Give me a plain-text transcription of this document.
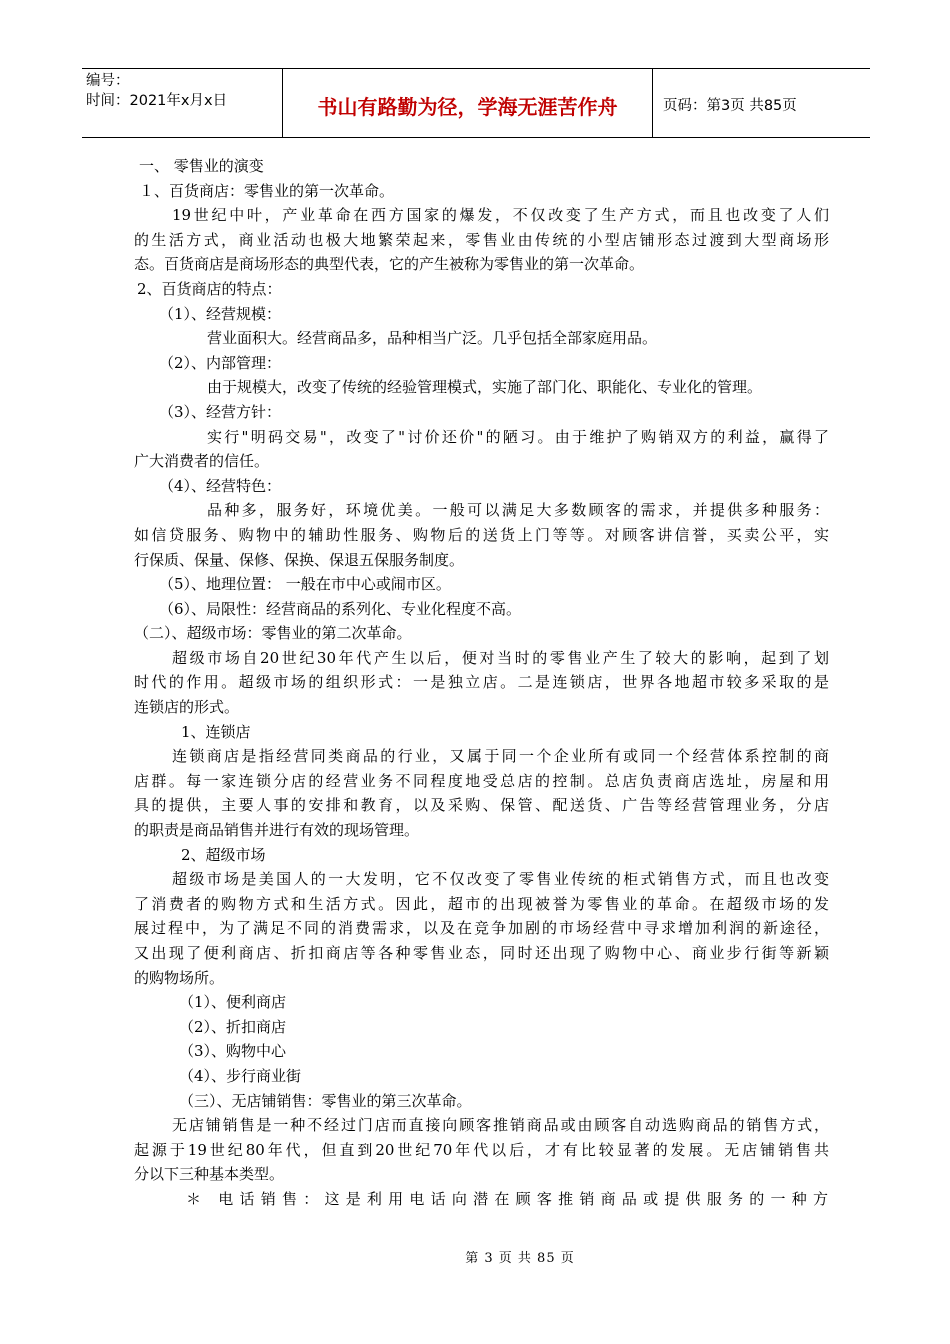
编号：
时间：2021年x月x日	书山有路勤为径，学海无涯苦作舟	页码：第3页 共85页

一、 零售业的演变

１、百货商店：零售业的第一次革命。

19世纪中叶，产业革命在西方国家的爆发，不仅改变了生产方式，而且也改变了人们

的生活方式，商业活动也极大地繁荣起来，零售业由传统的小型店铺形态过渡到大型商场形

态。百货商店是商场形态的典型代表，它的产生被称为零售业的第一次革命。

2、百货商店的特点：

（1）、经营规模：

营业面积大。经营商品多，品种相当广泛。几乎包括全部家庭用品。

（2）、内部管理：

由于规模大，改变了传统的经验管理模式，实施了部门化、职能化、专业化的管理。

（3）、经营方针：

实行"明码交易"，改变了"讨价还价"的陋习。由于维护了购销双方的利益，赢得了

广大消费者的信任。

（4）、经营特色：

品种多，服务好，环境优美。一般可以满足大多数顾客的需求，并提供多种服务：

如信贷服务、购物中的辅助性服务、购物后的送货上门等等。对顾客讲信誉，买卖公平，实

行保质、保量、保修、保换、保退五保服务制度。

（5）、地理位置： 一般在市中心或闹市区。

（6）、局限性：经营商品的系列化、专业化程度不高。

（二）、超级市场：零售业的第二次革命。

超级市场自20世纪30年代产生以后，便对当时的零售业产生了较大的影响，起到了划

时代的作用。超级市场的组织形式：一是独立店。二是连锁店，世界各地超市较多采取的是

连锁店的形式。

1、连锁店

连锁商店是指经营同类商品的行业，又属于同一个企业所有或同一个经营体系控制的商

店群。每一家连锁分店的经营业务不同程度地受总店的控制。总店负责商店选址，房屋和用

具的提供，主要人事的安排和教育，以及采购、保管、配送货、广告等经营管理业务，分店

的职责是商品销售并进行有效的现场管理。

2、超级市场

超级市场是美国人的一大发明，它不仅改变了零售业传统的柜式销售方式，而且也改变

了消费者的购物方式和生活方式。因此，超市的出现被誉为零售业的革命。在超级市场的发

展过程中，为了满足不同的消费需求，以及在竞争加剧的市场经营中寻求增加利润的新途径，

又出现了便利商店、折扣商店等各种零售业态，同时还出现了购物中心、商业步行街等新颖

的购物场所。

（1）、便利商店

（2）、折扣商店

（3）、购物中心

（4）、步行商业街

（三）、无店铺销售：零售业的第三次革命。

无店铺销售是一种不经过门店而直接向顾客推销商品或由顾客自动选购商品的销售方式，

起源于19世纪80年代，但直到20世纪70年代以后，才有比较显著的发展。无店铺销售共

分以下三种基本类型。

＊ 电话销售：这是利用电话向潜在顾客推销商品或提供服务的一种方

第 3 页 共 85 页
